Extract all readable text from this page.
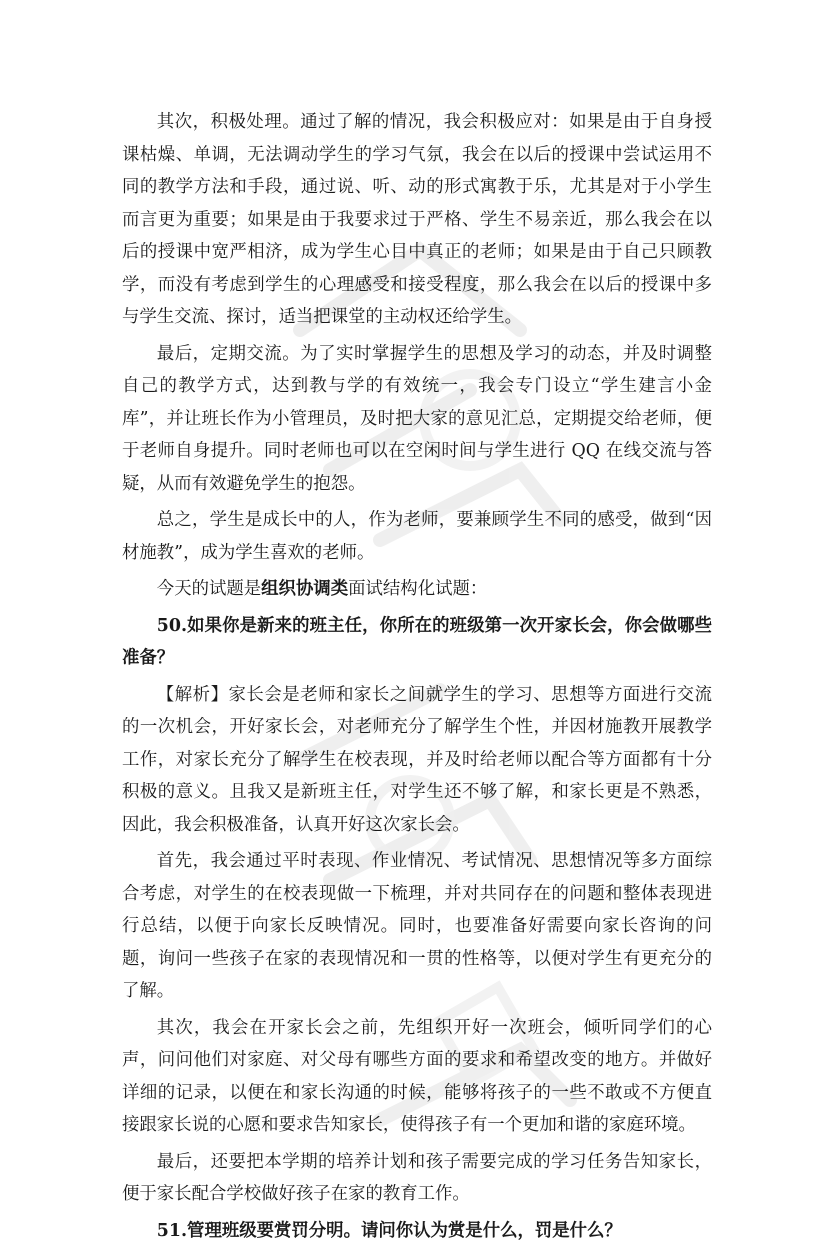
其次，积极处理。通过了解的情况，我会积极应对：如果是由于自身授课枯燥、单调，无法调动学生的学习气氛，我会在以后的授课中尝试运用不同的教学方法和手段，通过说、听、动的形式寓教于乐，尤其是对于小学生而言更为重要；如果是由于我要求过于严格、学生不易亲近，那么我会在以后的授课中宽严相济，成为学生心目中真正的老师；如果是由于自己只顾教学，而没有考虑到学生的心理感受和接受程度，那么我会在以后的授课中多与学生交流、探讨，适当把课堂的主动权还给学生。

最后，定期交流。为了实时掌握学生的思想及学习的动态，并及时调整自己的教学方式，达到教与学的有效统一，我会专门设立“学生建言小金库”，并让班长作为小管理员，及时把大家的意见汇总，定期提交给老师，便于老师自身提升。同时老师也可以在空闲时间与学生进行 QQ 在线交流与答疑，从而有效避免学生的抱怨。

总之，学生是成长中的人，作为老师，要兼顾学生不同的感受，做到“因材施教”，成为学生喜欢的老师。

今天的试题是组织协调类面试结构化试题：

50.如果你是新来的班主任，你所在的班级第一次开家长会，你会做哪些准备？

【解析】家长会是老师和家长之间就学生的学习、思想等方面进行交流的一次机会，开好家长会，对老师充分了解学生个性，并因材施教开展教学工作，对家长充分了解学生在校表现，并及时给老师以配合等方面都有十分积极的意义。且我又是新班主任，对学生还不够了解，和家长更是不熟悉，因此，我会积极准备，认真开好这次家长会。

首先，我会通过平时表现、作业情况、考试情况、思想情况等多方面综合考虑，对学生的在校表现做一下梳理，并对共同存在的问题和整体表现进行总结，以便于向家长反映情况。同时，也要准备好需要向家长咨询的问题，询问一些孩子在家的表现情况和一贯的性格等，以便对学生有更充分的了解。

其次，我会在开家长会之前，先组织开好一次班会，倾听同学们的心声，问问他们对家庭、对父母有哪些方面的要求和希望改变的地方。并做好详细的记录，以便在和家长沟通的时候，能够将孩子的一些不敢或不方便直接跟家长说的心愿和要求告知家长，使得孩子有一个更加和谐的家庭环境。

最后，还要把本学期的培养计划和孩子需要完成的学习任务告知家长，便于家长配合学校做好孩子在家的教育工作。

51.管理班级要赏罚分明。请问你认为赏是什么，罚是什么？
